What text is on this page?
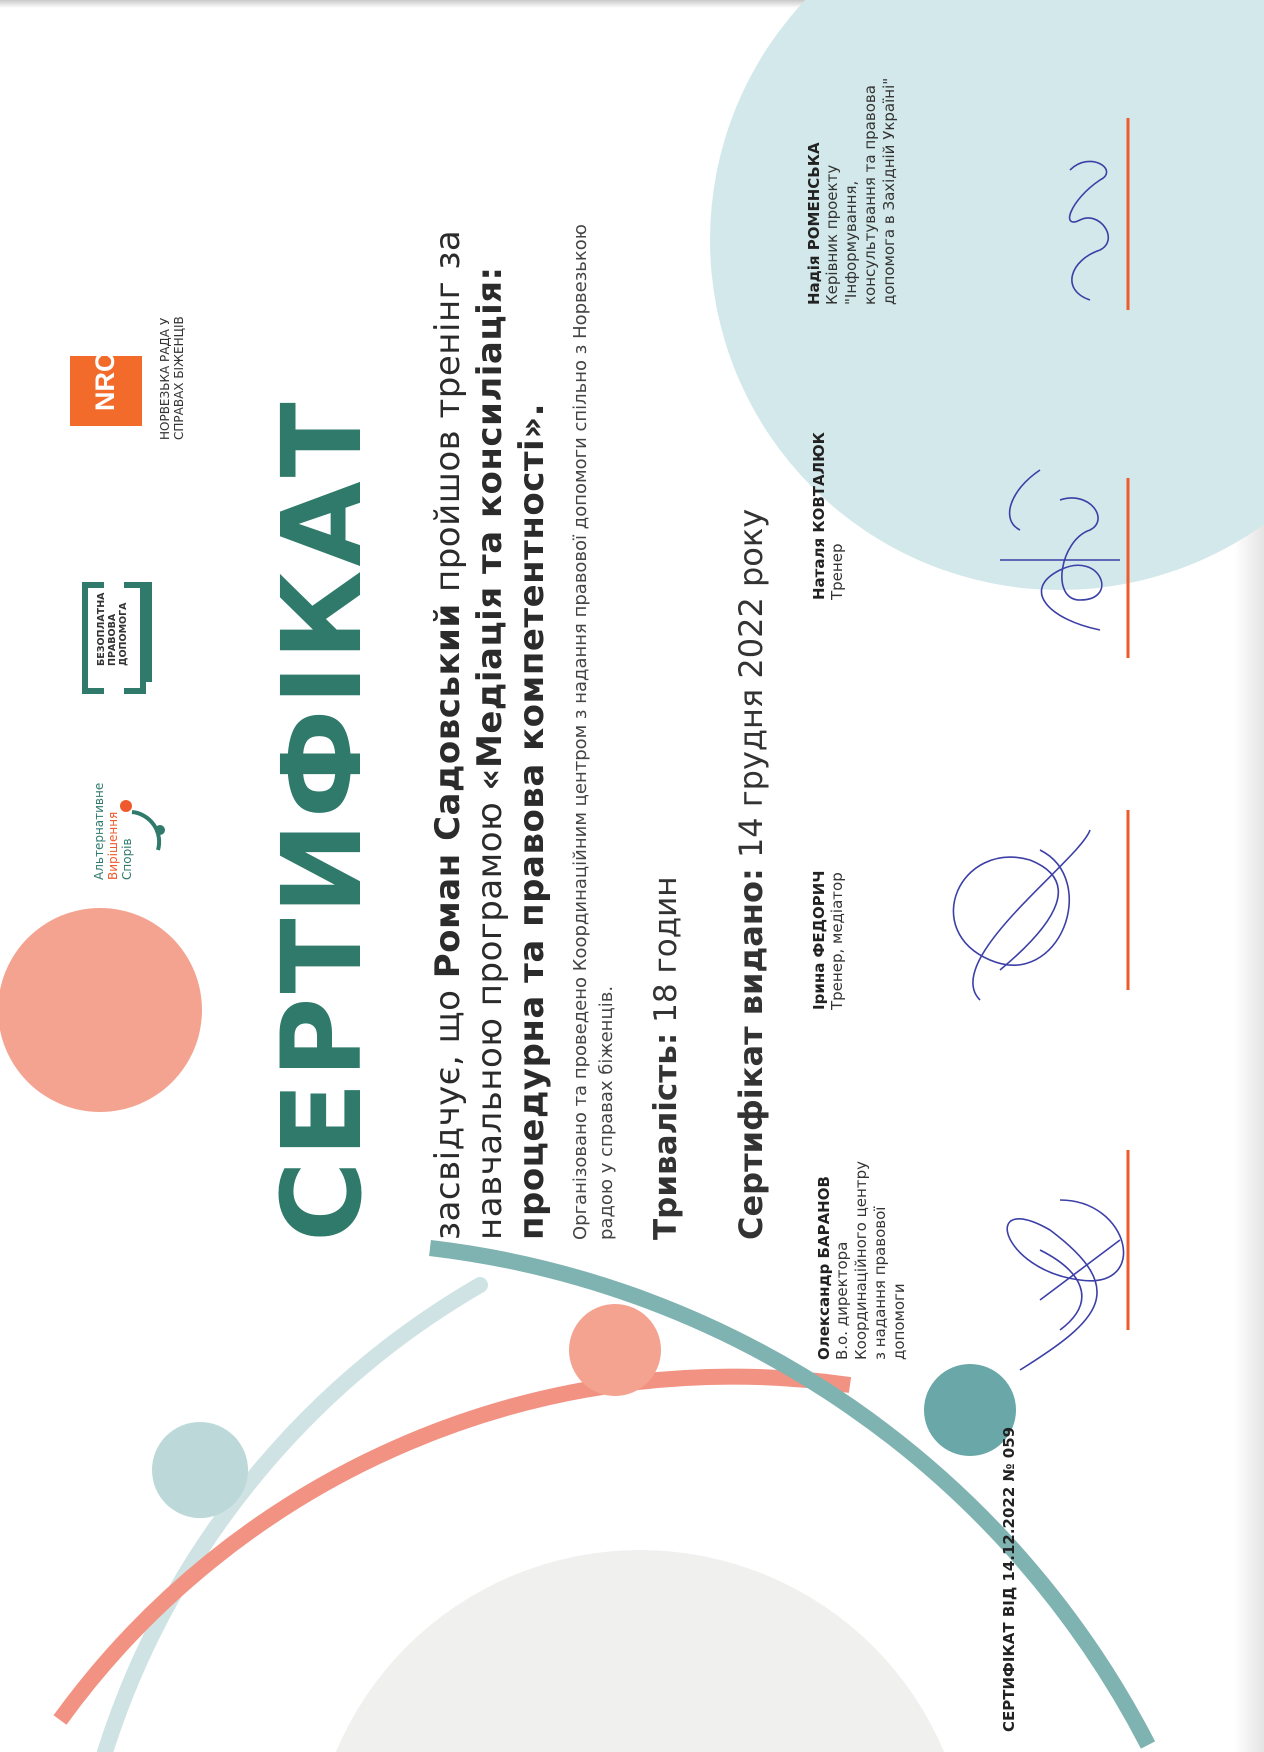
Альтернативне Вирішення Спорів
БЕЗОПЛАТНА ПРАВОВА ДОПОМОГА
NRC	НОРВЕЗЬКА РАДА У СПРАВАХ БІЖЕНЦІВ
СЕРТИФІКАТ засвідчує, що Роман Садовський пройшов тренінг за
навчальною програмою «Медіація та консиліація: процедурна та правова компетентності». Організовано та проведено Координаційним центром з надання правової допомоги спільно з Норвезькою радою у справах біженців. Тривалість: 18 годин Сертифікат видано: 14 грудня 2022 року
Олександр БАРАНОВ В.о. директора Координаційного центру з надання правової допомоги
Ірина ФЕДОРИЧ Тренер, медіатор
Наталя КОВТАЛЮК Тренер
Надія РОМЕНСЬКА Керівник проекту "Інформування, консультування та правова допомога в Західній Україні"
СЕРТИФІКАТ ВІД 14.12.2022 № 059
